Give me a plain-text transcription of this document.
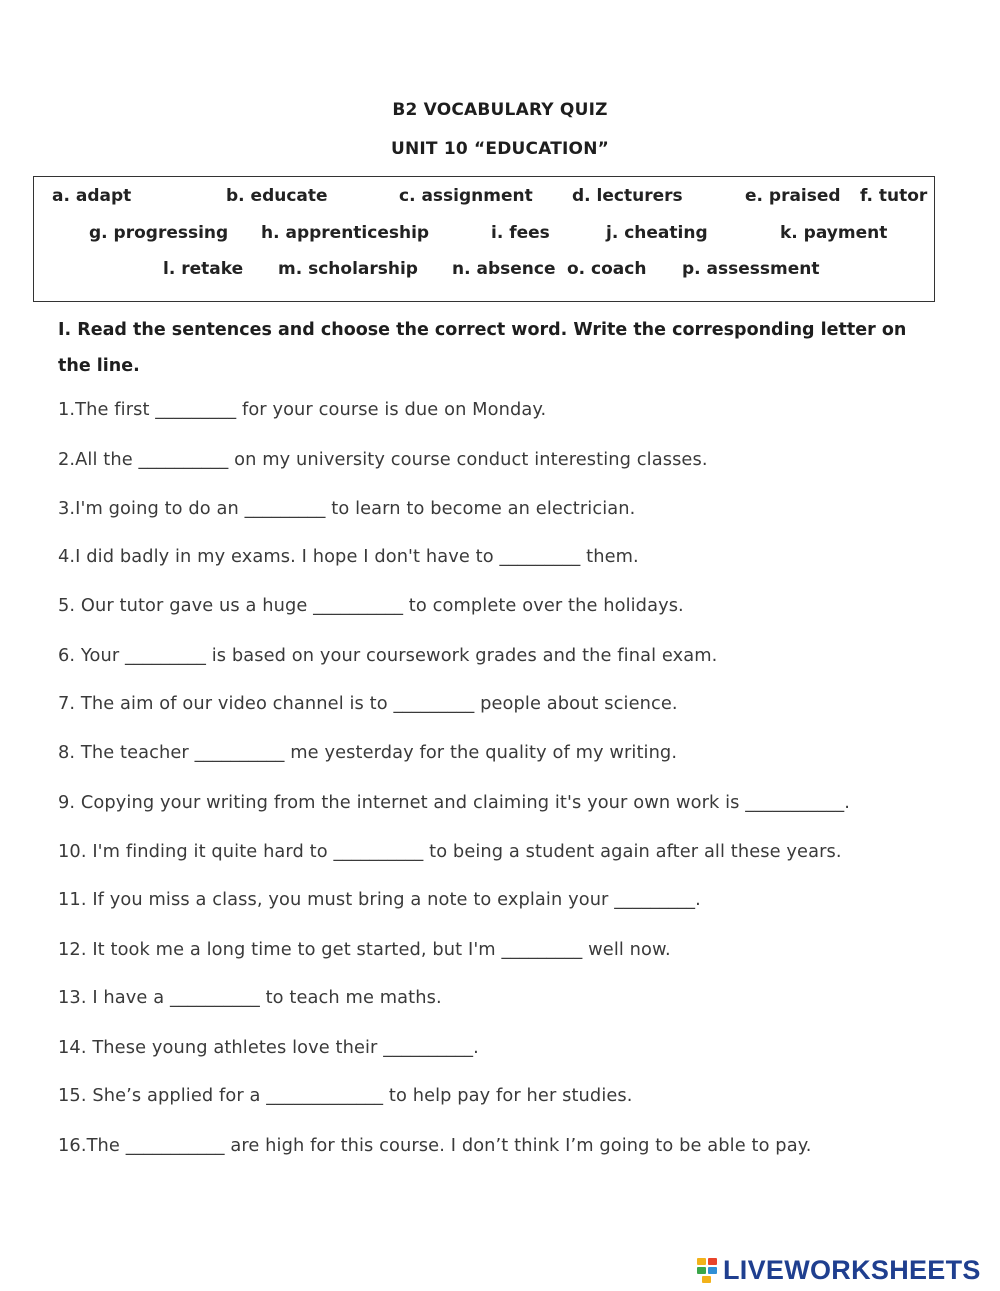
B2 VOCABULARY QUIZ
UNIT 10 “EDUCATION”
a. adapt	b. educate	c. assignment d. lecturers	e. praised f. tutor
g. progressing h. apprenticeship	i. fees	j. cheating	k. payment
l. retake m. scholarship n. absence o. coach p. assessment
I. Read the sentences and choose the correct word. Write the corresponding letter on the line.
1.The first _________ for your course is due on Monday.
2.All the __________ on my university course conduct interesting classes.
3.I'm going to do an _________ to learn to become an electrician.
4.I did badly in my exams. I hope I don't have to _________ them.
5. Our tutor gave us a huge __________ to complete over the holidays.
6. Your _________ is based on your coursework grades and the final exam.
7. The aim of our video channel is to _________ people about science.
8. The teacher __________ me yesterday for the quality of my writing.
9. Copying your writing from the internet and claiming it's your own work is ___________.
10. I'm finding it quite hard to __________ to being a student again after all these years.
11. If you miss a class, you must bring a note to explain your _________.
12. It took me a long time to get started, but I'm _________ well now.
13. I have a __________ to teach me maths.
14. These young athletes love their __________.
15. She’s applied for a _____________ to help pay for her studies.
16.The ___________ are high for this course. I don’t think I’m going to be able to pay.
LIVEWORKSHEETS
